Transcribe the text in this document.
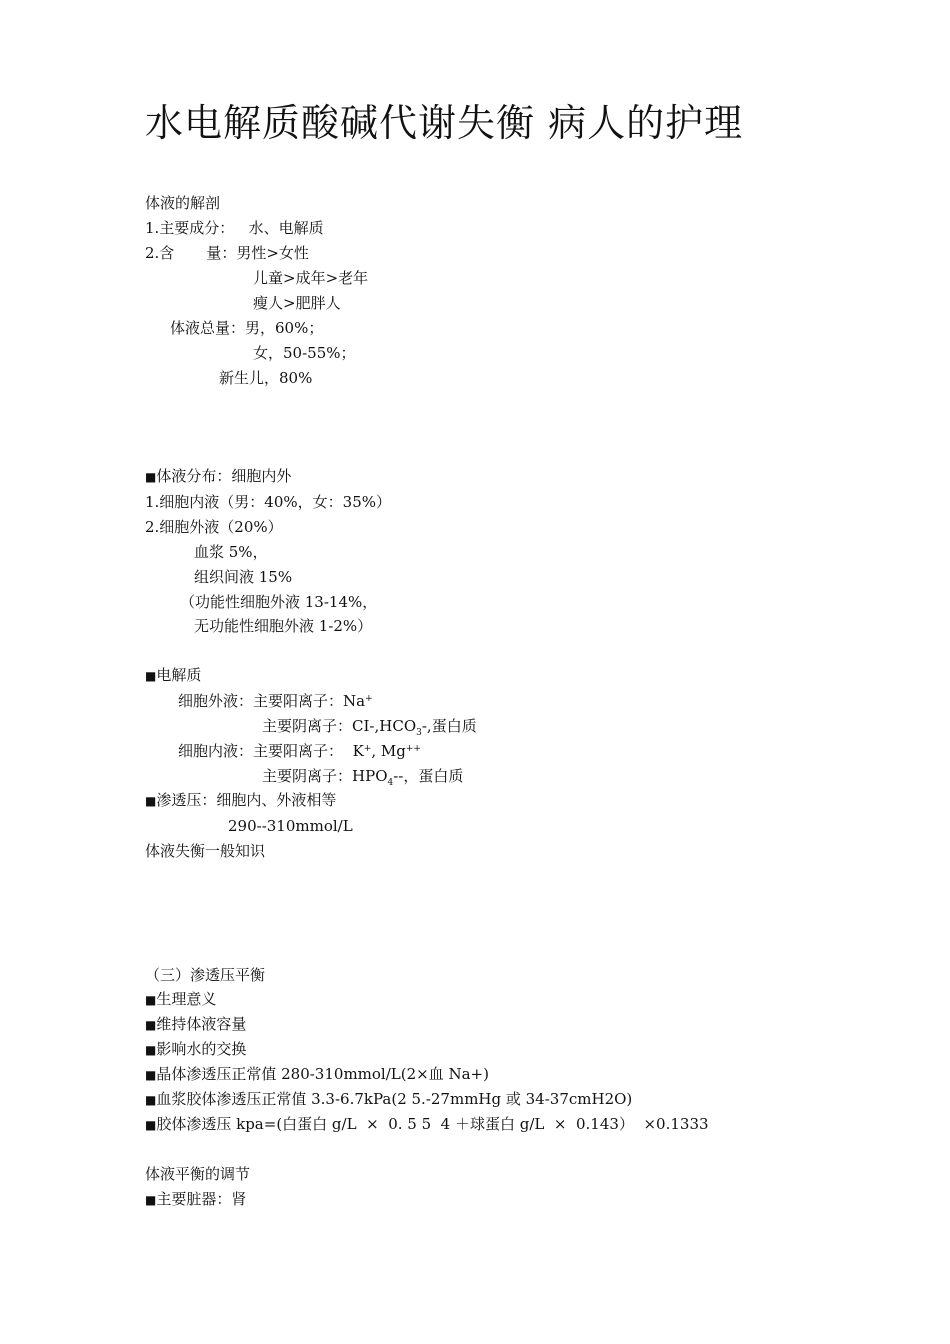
水电解质酸碱代谢失衡 病人的护理
体液的解剖
1.主要成分：   水、电解质
2.含 量：男性>女性
儿童>成年>老年
瘦人>肥胖人
体液总量：男，60%；
女，50-55%；
新生儿，80%
■体液分布：细胞内外
1.细胞内液（男：40%，女：35%）
2.细胞外液（20%）
血浆 5%，
组织间液 15%
（功能性细胞外液 13-14%，
无功能性细胞外液 1-2%）
■电解质
细胞外液：主要阳离子：Na+
主要阴离子：$CI-,HCO_3-$,蛋白质
细胞内液：主要阳离子：  K+, Mg++
主要阴离子：$HPO_4--$，蛋白质
■渗透压：细胞内、外液相等
290--310mmol/L
体液失衡一般知识
（三）渗透压平衡
■生理意义
■维持体液容量
■影响水的交换
■晶体渗透压正常值 280-310mmol/L(2×血 Na+)
■血浆胶体渗透压正常值 3.3-6.7kPa(2 5.-27mmHg 或 34-37cmH2O)
■胶体渗透压 kpa=(白蛋白 g/L  ×  0. 5 5  4 ＋球蛋白 g/L  ×  0.143）  ×0.1333
体液平衡的调节
■主要脏器：肾
